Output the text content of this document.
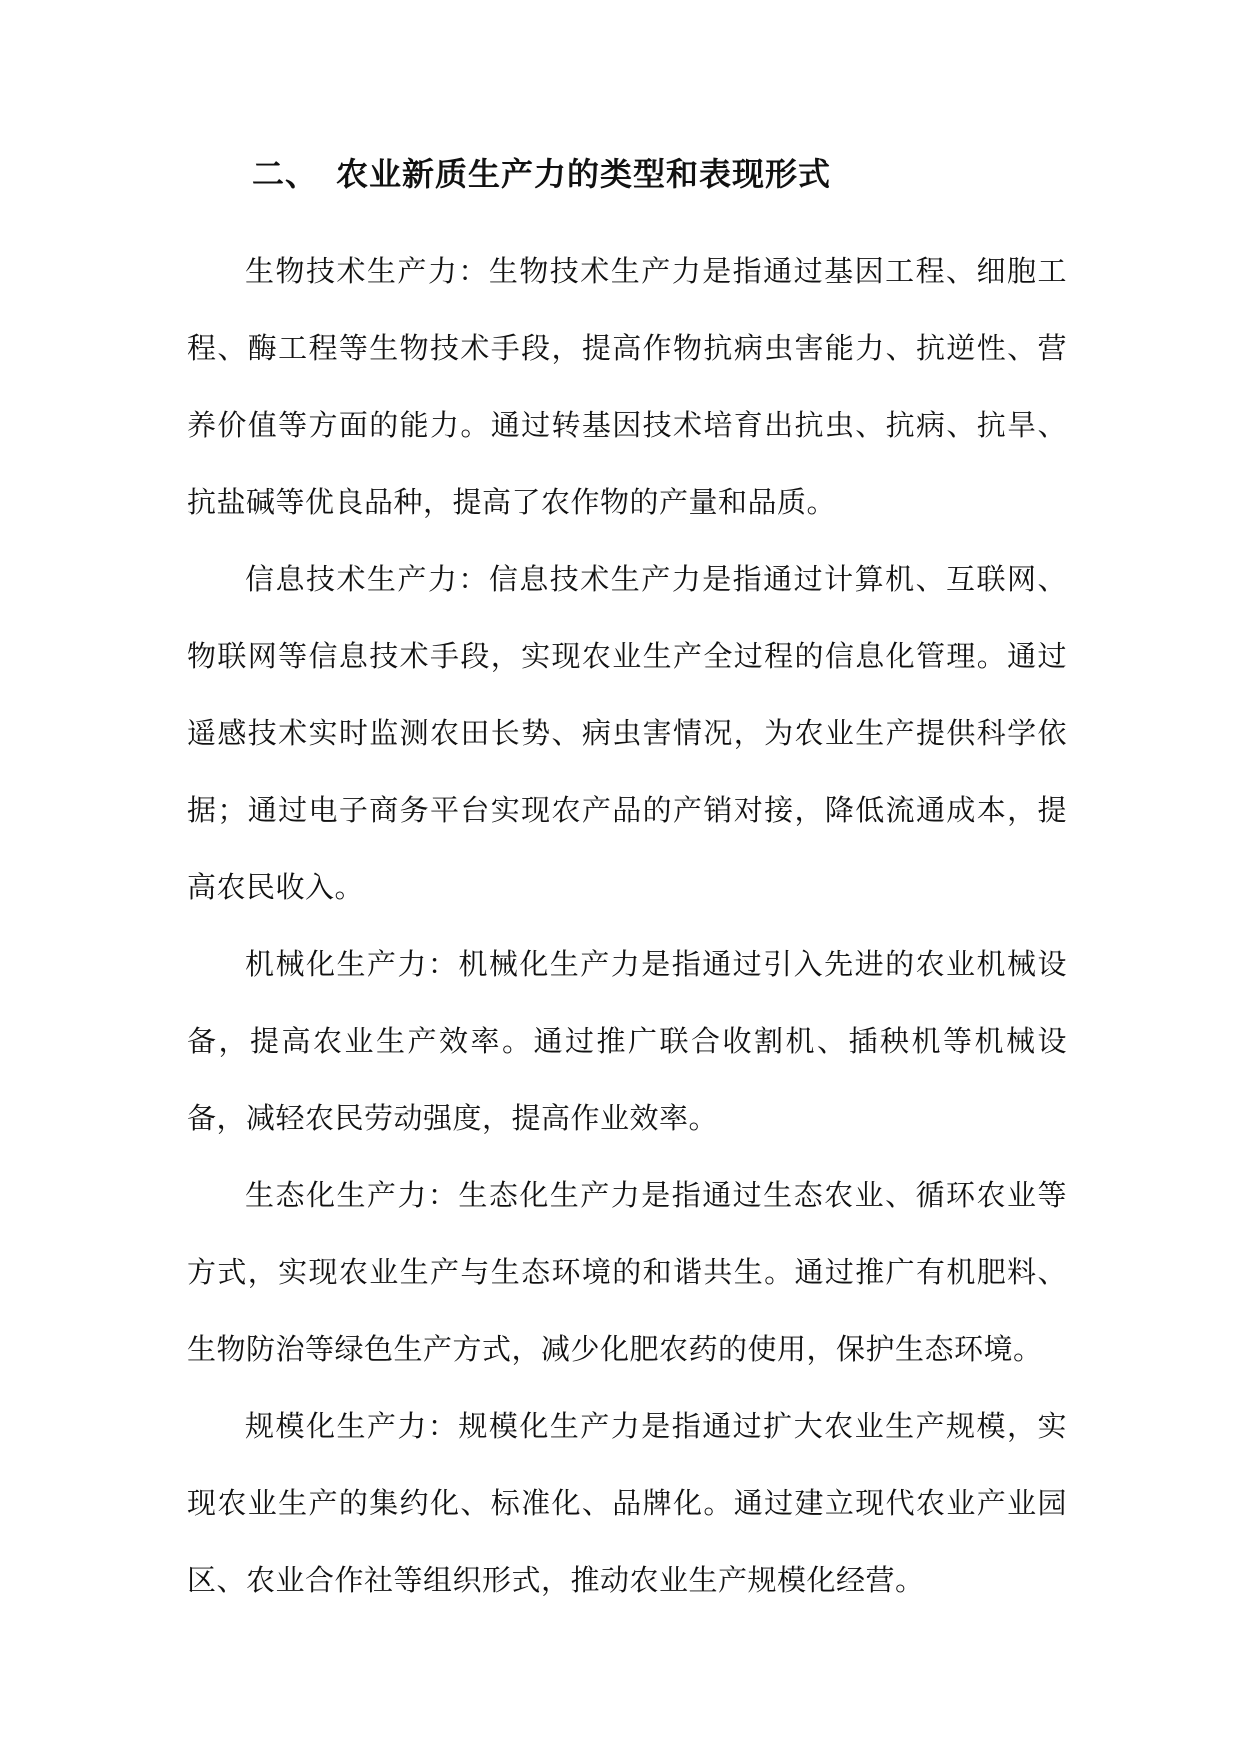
二、 农业新质生产力的类型和表现形式

生物技术生产力：生物技术生产力是指通过基因工程、细胞工程、酶工程等生物技术手段，提高作物抗病虫害能力、抗逆性、营养价值等方面的能力。通过转基因技术培育出抗虫、抗病、抗旱、抗盐碱等优良品种，提高了农作物的产量和品质。

信息技术生产力：信息技术生产力是指通过计算机、互联网、物联网等信息技术手段，实现农业生产全过程的信息化管理。通过遥感技术实时监测农田长势、病虫害情况，为农业生产提供科学依据；通过电子商务平台实现农产品的产销对接，降低流通成本，提高农民收入。

机械化生产力：机械化生产力是指通过引入先进的农业机械设备，提高农业生产效率。通过推广联合收割机、插秧机等机械设备，减轻农民劳动强度，提高作业效率。

生态化生产力：生态化生产力是指通过生态农业、循环农业等方式，实现农业生产与生态环境的和谐共生。通过推广有机肥料、生物防治等绿色生产方式，减少化肥农药的使用，保护生态环境。

规模化生产力：规模化生产力是指通过扩大农业生产规模，实现农业生产的集约化、标准化、品牌化。通过建立现代农业产业园区、农业合作社等组织形式，推动农业生产规模化经营。
